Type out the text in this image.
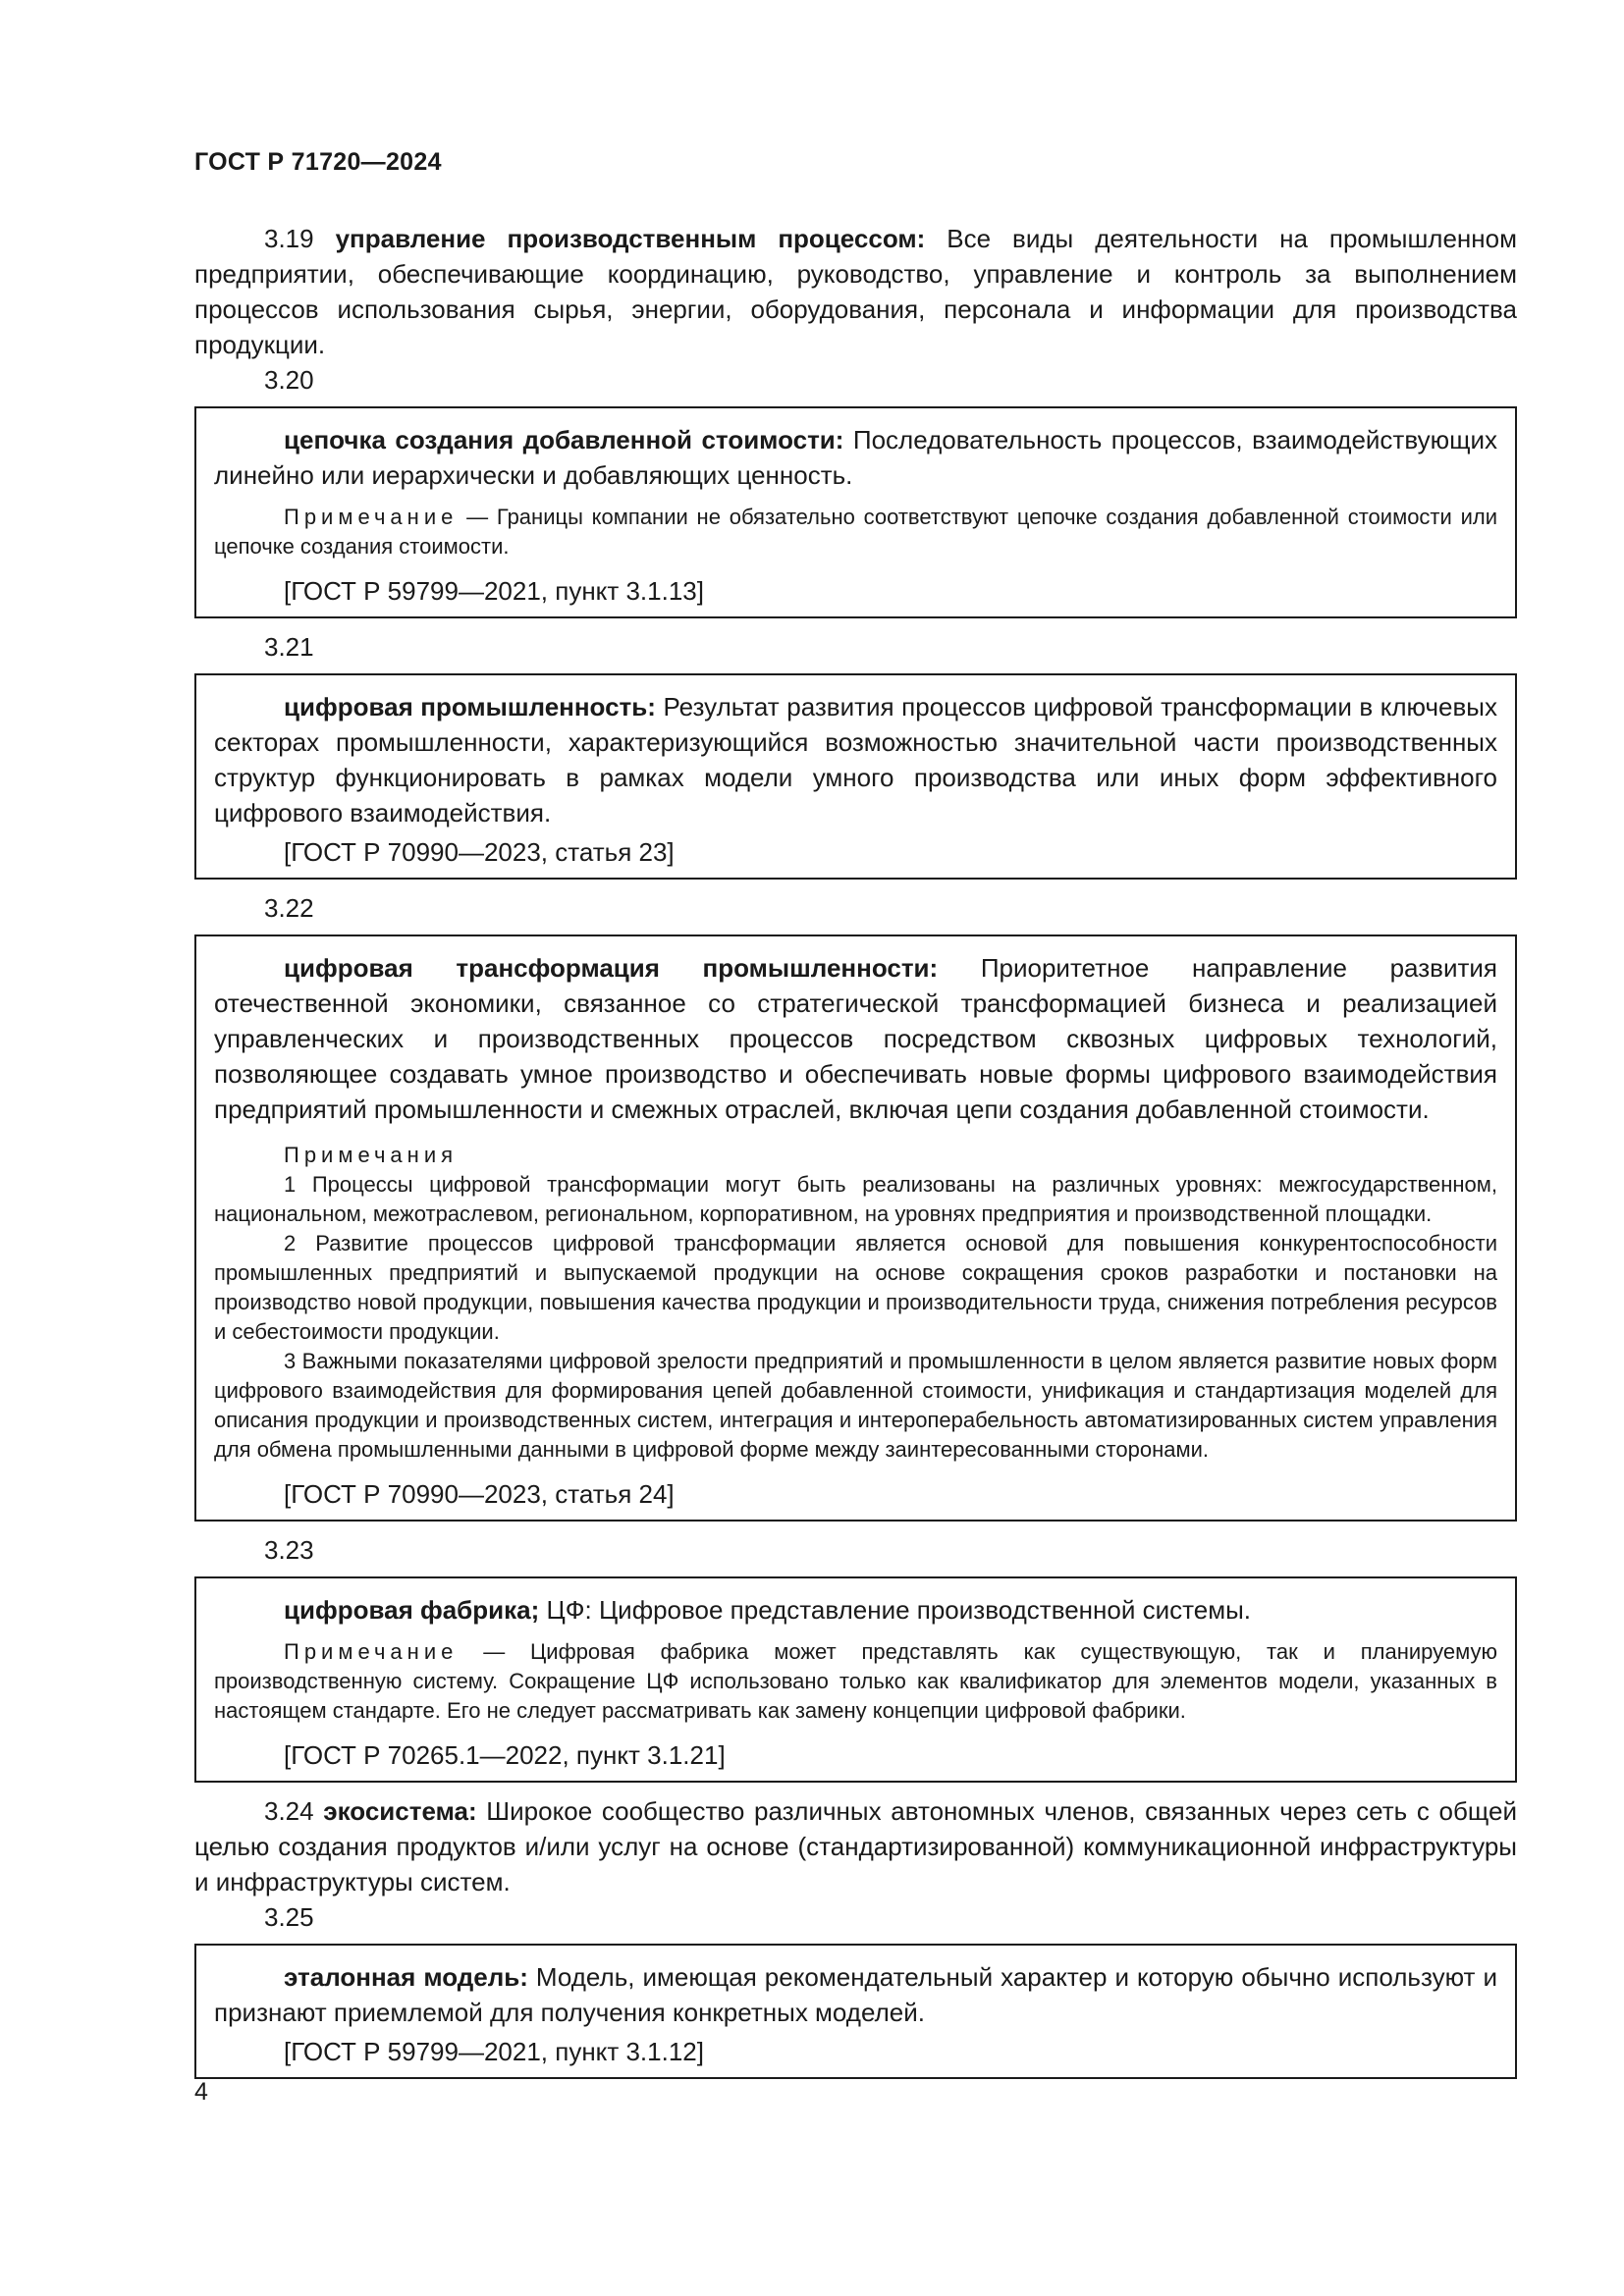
ГОСТ Р 71720—2024

3.19 управление производственным процессом: Все виды деятельности на промышленном предприятии, обеспечивающие координацию, руководство, управление и контроль за выполнением процессов использования сырья, энергии, оборудования, персонала и информации для производства продукции.

3.20

цепочка создания добавленной стоимости: Последовательность процессов, взаимодействующих линейно или иерархически и добавляющих ценность.

Примечание — Границы компании не обязательно соответствуют цепочке создания добавленной стоимости или цепочке создания стоимости.

[ГОСТ Р 59799—2021, пункт 3.1.13]
3.21

цифровая промышленность: Результат развития процессов цифровой трансформации в ключевых секторах промышленности, характеризующийся возможностью значительной части производственных структур функционировать в рамках модели умного производства или иных форм эффективного цифрового взаимодействия.

[ГОСТ Р 70990—2023, статья 23]
3.22

цифровая трансформация промышленности: Приоритетное направление развития отечественной экономики, связанное со стратегической трансформацией бизнеса и реализацией управленческих и производственных процессов посредством сквозных цифровых технологий, позволяющее создавать умное производство и обеспечивать новые формы цифрового взаимодействия предприятий промышленности и смежных отраслей, включая цепи создания добавленной стоимости.

Примечания

1 Процессы цифровой трансформации могут быть реализованы на различных уровнях: межгосударственном, национальном, межотраслевом, региональном, корпоративном, на уровнях предприятия и производственной площадки.

2 Развитие процессов цифровой трансформации является основой для повышения конкурентоспособности промышленных предприятий и выпускаемой продукции на основе сокращения сроков разработки и постановки на производство новой продукции, повышения качества продукции и производительности труда, снижения потребления ресурсов и себестоимости продукции.

3 Важными показателями цифровой зрелости предприятий и промышленности в целом является развитие новых форм цифрового взаимодействия для формирования цепей добавленной стоимости, унификация и стандартизация моделей для описания продукции и производственных систем, интеграция и интероперабельность автоматизированных систем управления для обмена промышленными данными в цифровой форме между заинтересованными сторонами.

[ГОСТ Р 70990—2023, статья 24]
3.23

цифровая фабрика; ЦФ: Цифровое представление производственной системы.

Примечание — Цифровая фабрика может представлять как существующую, так и планируемую производственную систему. Сокращение ЦФ использовано только как квалификатор для элементов модели, указанных в настоящем стандарте. Его не следует рассматривать как замену концепции цифровой фабрики.

[ГОСТ Р 70265.1—2022, пункт 3.1.21]

3.24 экосистема: Широкое сообщество различных автономных членов, связанных через сеть с общей целью создания продуктов и/или услуг на основе (стандартизированной) коммуникационной инфраструктуры и инфраструктуры систем.

3.25

эталонная модель: Модель, имеющая рекомендательный характер и которую обычно используют и признают приемлемой для получения конкретных моделей.

[ГОСТ Р 59799—2021, пункт 3.1.12]
4
